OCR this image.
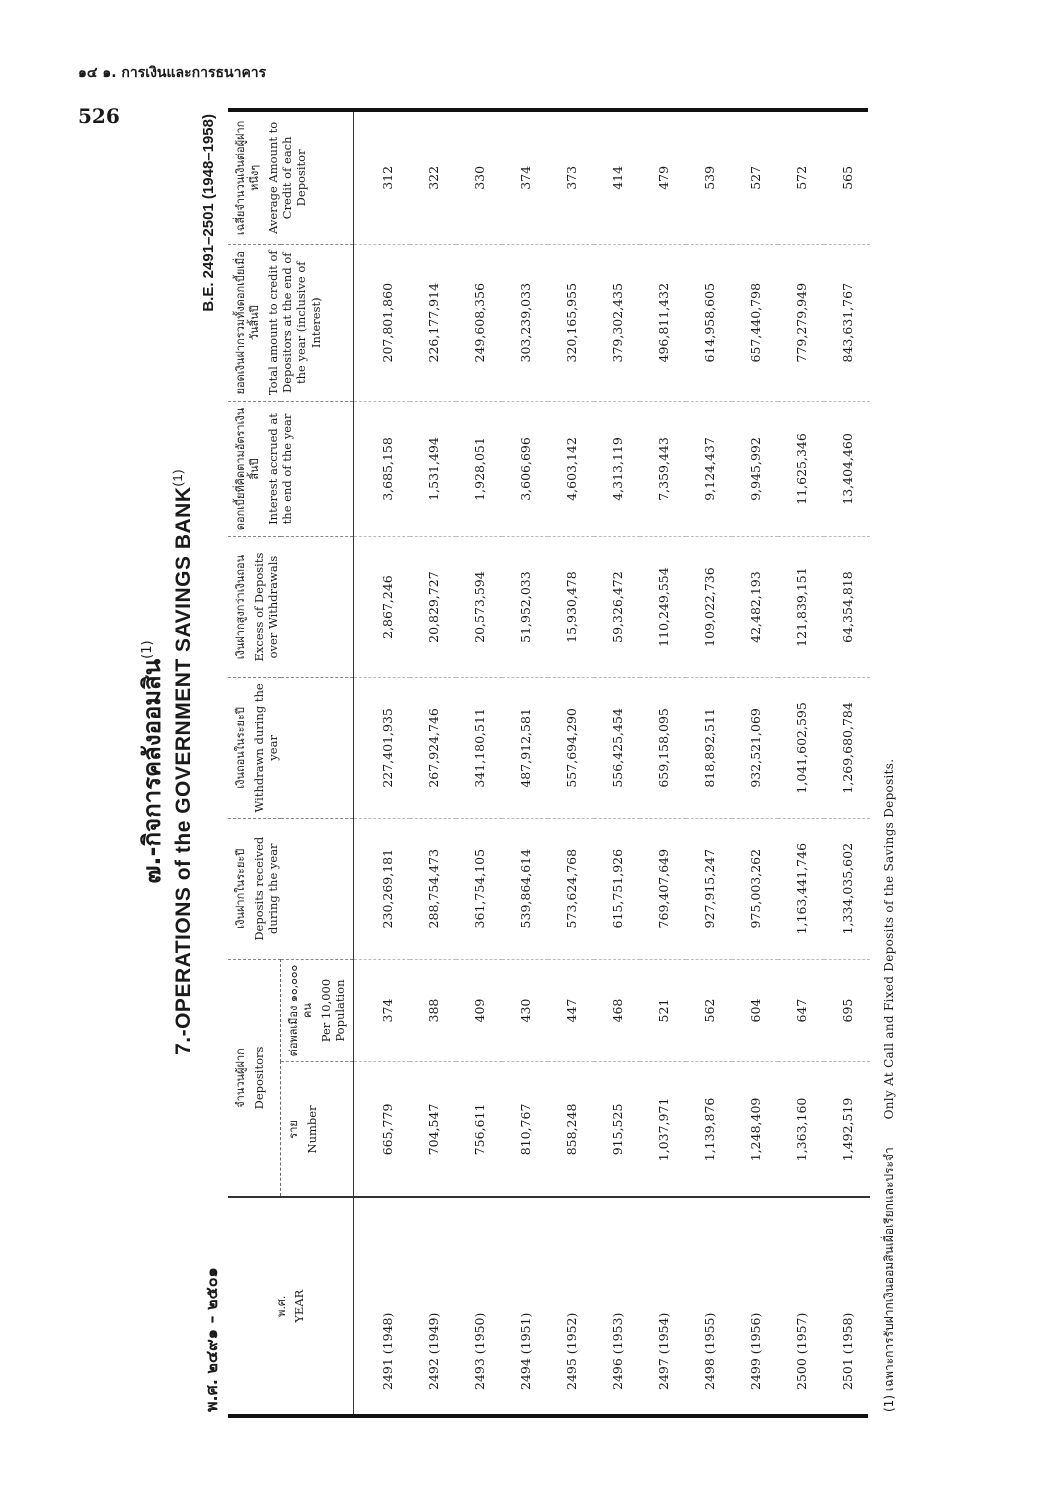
๑๔ ๑. การเงินและการธนาคาร
526
๗.-กิจการคลังออมสิน$^{(1)}$ 7.-OPERATIONS of the GOVERNMENT SAVINGS BANK$^{(1)}$
พ.ศ. ๒๔๙๑ – ๒๕๐๑
B.E. 2491–2501 (1948–1958)
พ.ศ. YEAR	จำนวนผู้ฝาก Depositors		เงินฝากในระยะปี Deposits received during the year	เงินถอนในระยะปี Withdrawn during the year	เงินฝากสูงกว่าเงินถอน Excess of Deposits over Withdrawals	ดอกเบี้ยที่คิดตามอัตราเงินสิ้นปี Interest accrued at the end of the year	ยอดเงินฝากรวมทั้งดอกเบี้ยเมื่อวันสิ้นปี Total amount to credit of Depositors at the end of the year (inclusive of Interest)	เฉลี่ยจำนวนเงินต่อผู้ฝากหนึ่งๆ Average Amount to Credit of each Depositor

	ราย Number	ต่อพลเมือง ๑๐,๐๐๐ คน Per 10,000 Population						

2491 (1948)	665,779	374	230,269,181	227,401,935	2,867,246	3,685,158	207,801,860	312
2492 (1949)	704,547	388	288,754,473	267,924,746	20,829,727	1,531,494	226,177,914	322
2493 (1950)	756,611	409	361,754,105	341,180,511	20,573,594	1,928,051	249,608,356	330
2494 (1951)	810,767	430	539,864,614	487,912,581	51,952,033	3,606,696	303,239,033	374
2495 (1952)	858,248	447	573,624,768	557,694,290	15,930,478	4,603,142	320,165,955	373
2496 (1953)	915,525	468	615,751,926	556,425,454	59,326,472	4,313,119	379,302,435	414
2497 (1954)	1,037,971	521	769,407,649	659,158,095	110,249,554	7,359,443	496,811,432	479
2498 (1955)	1,139,876	562	927,915,247	818,892,511	109,022,736	9,124,437	614,958,605	539
2499 (1956)	1,248,409	604	975,003,262	932,521,069	42,482,193	9,945,992	657,440,798	527
2500 (1957)	1,363,160	647	1,163,441,746	1,041,602,595	121,839,151	11,625,346	779,279,949	572
2501 (1958)	1,492,519	695	1,334,035,602	1,269,680,784	64,354,818	13,404,460	843,631,767	565
(1) เฉพาะการรับฝากเงินออมสินเผื่อเรียกและประจำ Only At Call and Fixed Deposits of the Savings Deposits.
